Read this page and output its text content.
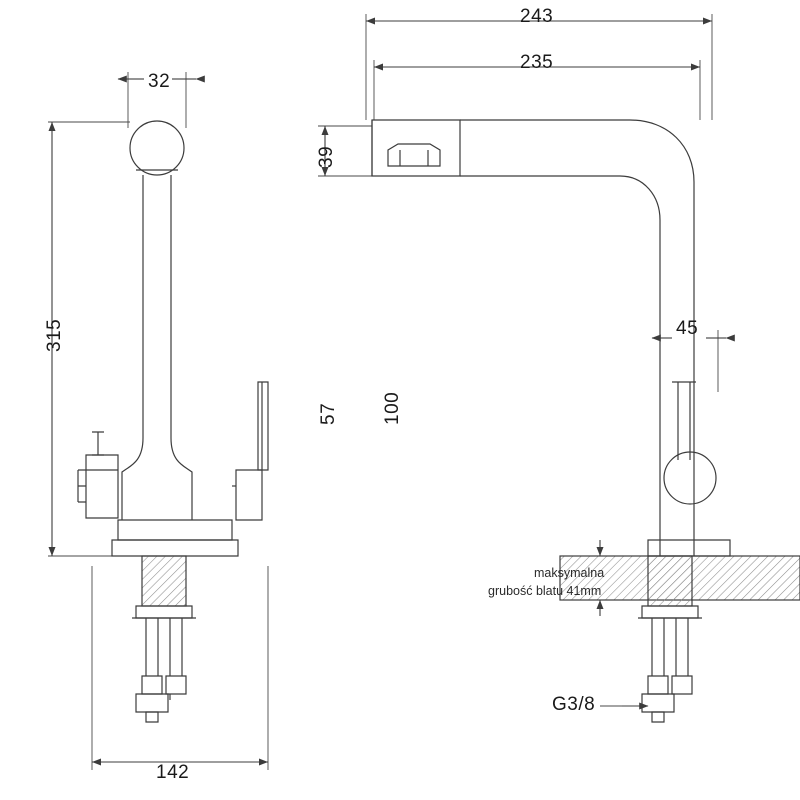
32
315
142
57 100
243
235
39
45
G3/8
maksymalna
grubość blatu 41mm
